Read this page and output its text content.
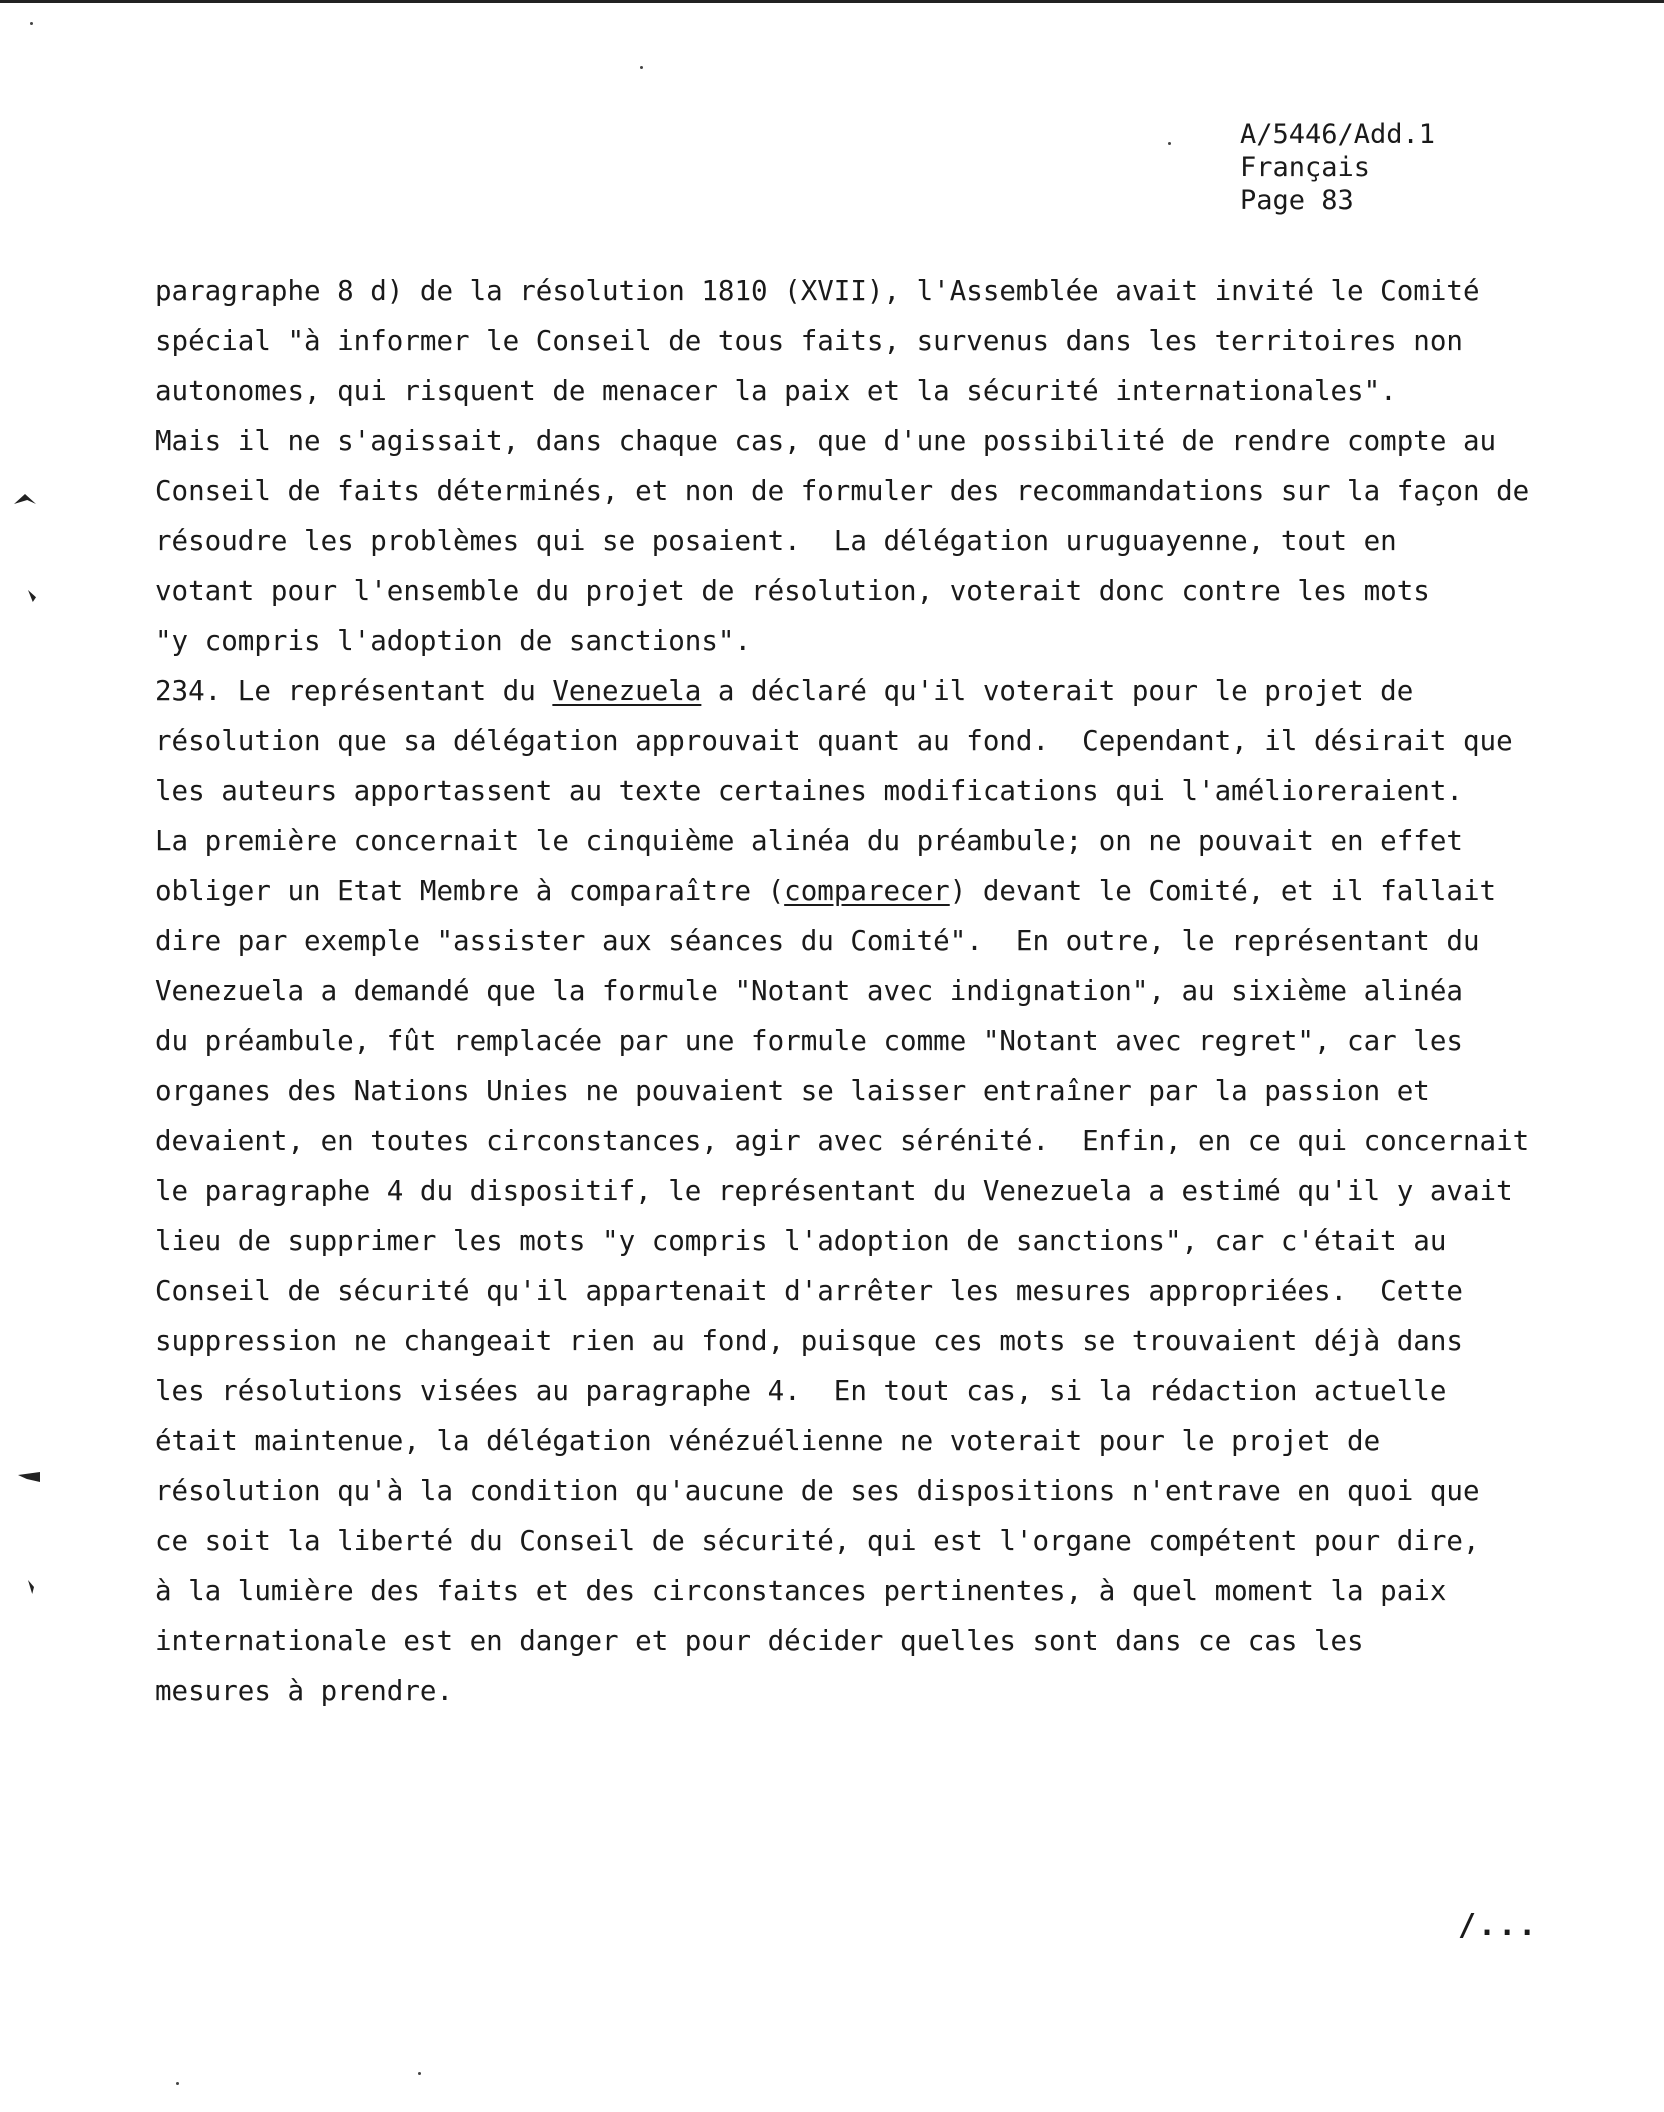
A/5446/Add.1
Français
Page 83
paragraphe 8 d) de la résolution 1810 (XVII), l'Assemblée avait invité le Comité
spécial "à informer le Conseil de tous faits, survenus dans les territoires non
autonomes, qui risquent de menacer la paix et la sécurité internationales".
Mais il ne s'agissait, dans chaque cas, que d'une possibilité de rendre compte au
Conseil de faits déterminés, et non de formuler des recommandations sur la façon de
résoudre les problèmes qui se posaient.  La délégation uruguayenne, tout en
votant pour l'ensemble du projet de résolution, voterait donc contre les mots
"y compris l'adoption de sanctions".
234. Le représentant du Venezuela a déclaré qu'il voterait pour le projet de
résolution que sa délégation approuvait quant au fond.  Cependant, il désirait que
les auteurs apportassent au texte certaines modifications qui l'amélioreraient.
La première concernait le cinquième alinéa du préambule; on ne pouvait en effet
obliger un Etat Membre à comparaître (comparecer) devant le Comité, et il fallait
dire par exemple "assister aux séances du Comité".  En outre, le représentant du
Venezuela a demandé que la formule "Notant avec indignation", au sixième alinéa
du préambule, fût remplacée par une formule comme "Notant avec regret", car les
organes des Nations Unies ne pouvaient se laisser entraîner par la passion et
devaient, en toutes circonstances, agir avec sérénité.  Enfin, en ce qui concernait
le paragraphe 4 du dispositif, le représentant du Venezuela a estimé qu'il y avait
lieu de supprimer les mots "y compris l'adoption de sanctions", car c'était au
Conseil de sécurité qu'il appartenait d'arrêter les mesures appropriées.  Cette
suppression ne changeait rien au fond, puisque ces mots se trouvaient déjà dans
les résolutions visées au paragraphe 4.  En tout cas, si la rédaction actuelle
était maintenue, la délégation vénézuélienne ne voterait pour le projet de
résolution qu'à la condition qu'aucune de ses dispositions n'entrave en quoi que
ce soit la liberté du Conseil de sécurité, qui est l'organe compétent pour dire,
à la lumière des faits et des circonstances pertinentes, à quel moment la paix
internationale est en danger et pour décider quelles sont dans ce cas les
mesures à prendre.
/...
